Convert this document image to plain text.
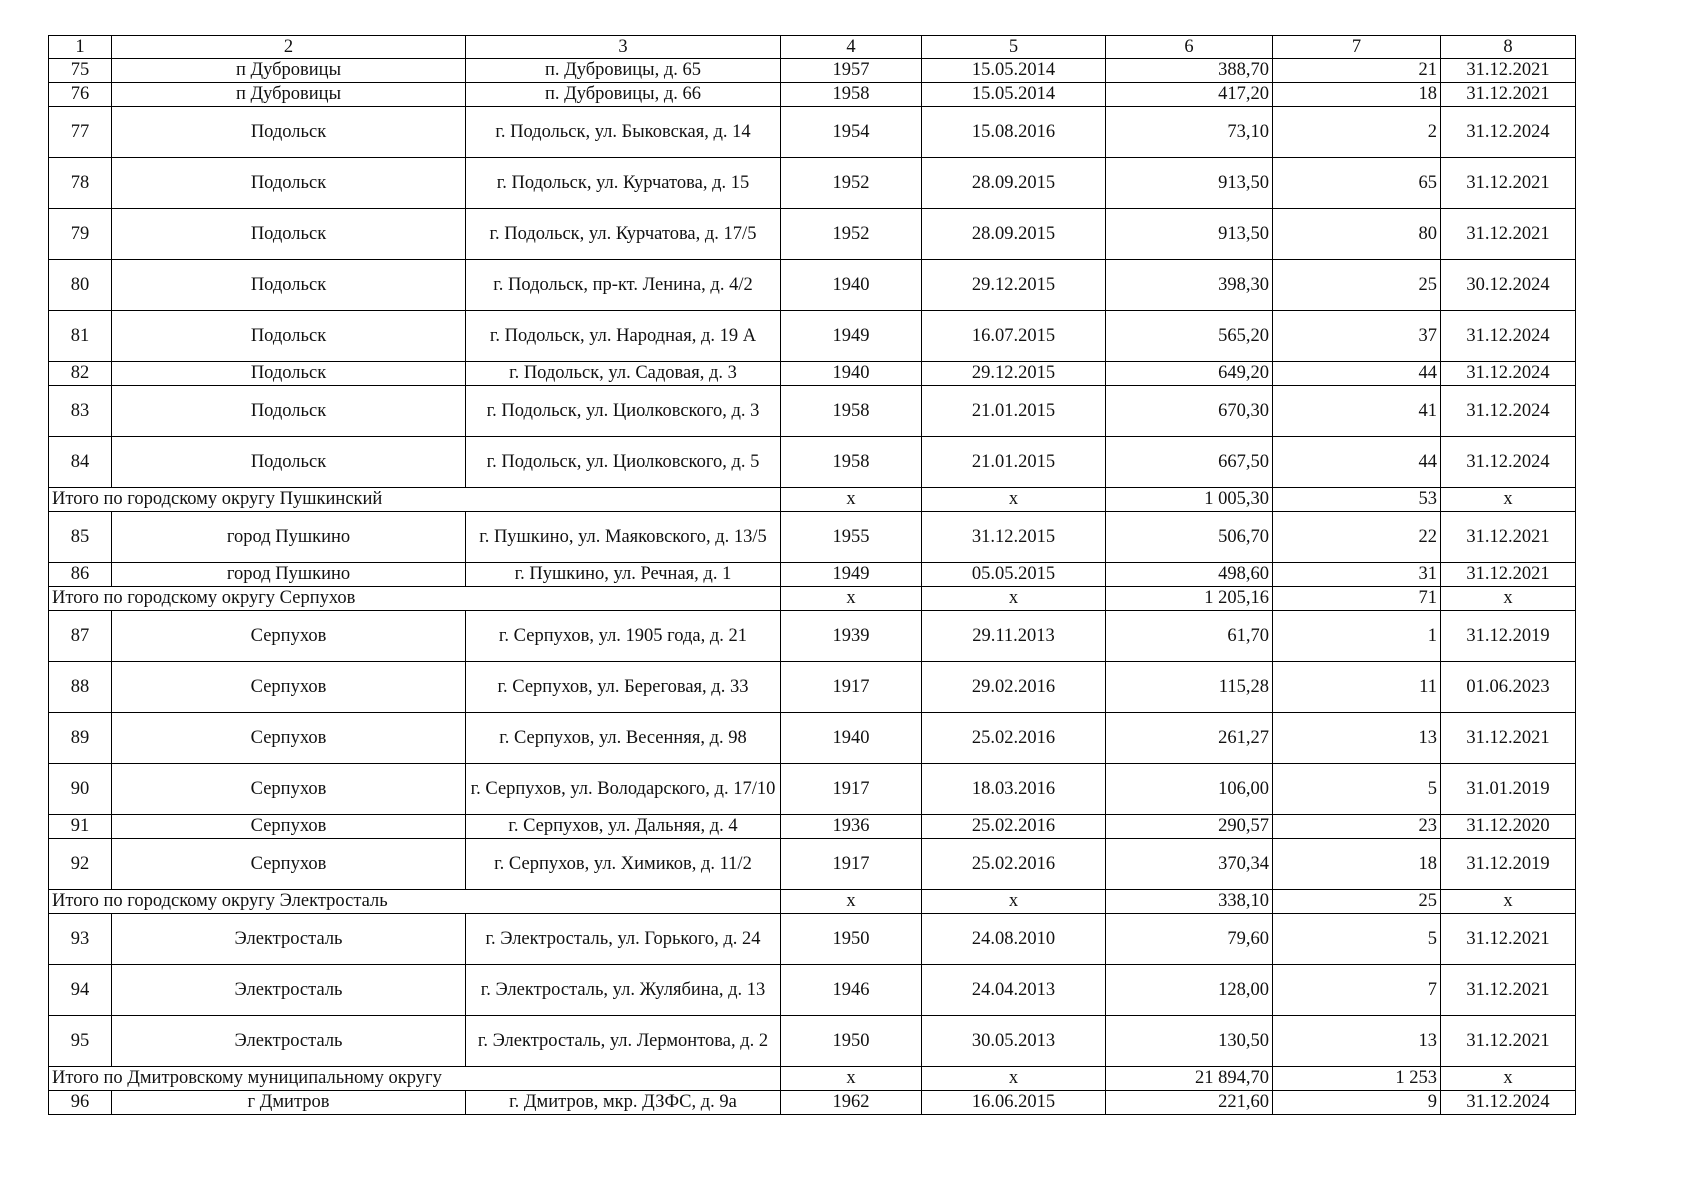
1	2	3	4	5	6	7	8
75	п Дубровицы	п. Дубровицы, д. 65	1957	15.05.2014	388,70	21	31.12.2021
76	п Дубровицы	п. Дубровицы, д. 66	1958	15.05.2014	417,20	18	31.12.2021
77	Подольск	г. Подольск, ул. Быковская, д. 14	1954	15.08.2016	73,10	2	31.12.2024
78	Подольск	г. Подольск, ул. Курчатова, д. 15	1952	28.09.2015	913,50	65	31.12.2021
79	Подольск	г. Подольск, ул. Курчатова, д. 17/5	1952	28.09.2015	913,50	80	31.12.2021
80	Подольск	г. Подольск, пр-кт. Ленина, д. 4/2	1940	29.12.2015	398,30	25	30.12.2024
81	Подольск	г. Подольск, ул. Народная, д. 19 А	1949	16.07.2015	565,20	37	31.12.2024
82	Подольск	г. Подольск, ул. Садовая, д. 3	1940	29.12.2015	649,20	44	31.12.2024
83	Подольск	г. Подольск, ул. Циолковского, д. 3	1958	21.01.2015	670,30	41	31.12.2024
84	Подольск	г. Подольск, ул. Циолковского, д. 5	1958	21.01.2015	667,50	44	31.12.2024
Итого по городскому округу Пушкинский			х	х	1 005,30	53	х
85	город Пушкино	г. Пушкино, ул. Маяковского, д. 13/5	1955	31.12.2015	506,70	22	31.12.2021
86	город Пушкино	г. Пушкино, ул. Речная, д. 1	1949	05.05.2015	498,60	31	31.12.2021
Итого по городскому округу Серпухов			х	х	1 205,16	71	х
87	Серпухов	г. Серпухов, ул. 1905 года, д. 21	1939	29.11.2013	61,70	1	31.12.2019
88	Серпухов	г. Серпухов, ул. Береговая, д. 33	1917	29.02.2016	115,28	11	01.06.2023
89	Серпухов	г. Серпухов, ул. Весенняя, д. 98	1940	25.02.2016	261,27	13	31.12.2021
90	Серпухов	г. Серпухов, ул. Володарского, д. 17/10	1917	18.03.2016	106,00	5	31.01.2019
91	Серпухов	г. Серпухов, ул. Дальняя, д. 4	1936	25.02.2016	290,57	23	31.12.2020
92	Серпухов	г. Серпухов, ул. Химиков, д. 11/2	1917	25.02.2016	370,34	18	31.12.2019
Итого по городскому округу Электросталь			х	х	338,10	25	х
93	Электросталь	г. Электросталь, ул. Горького, д. 24	1950	24.08.2010	79,60	5	31.12.2021
94	Электросталь	г. Электросталь, ул. Жулябина, д. 13	1946	24.04.2013	128,00	7	31.12.2021
95	Электросталь	г. Электросталь, ул. Лермонтова, д. 2	1950	30.05.2013	130,50	13	31.12.2021
Итого по Дмитровскому муниципальному округу			х	х	21 894,70	1 253	х
96	г Дмитров	г. Дмитров, мкр. ДЗФС, д. 9а	1962	16.06.2015	221,60	9	31.12.2024
